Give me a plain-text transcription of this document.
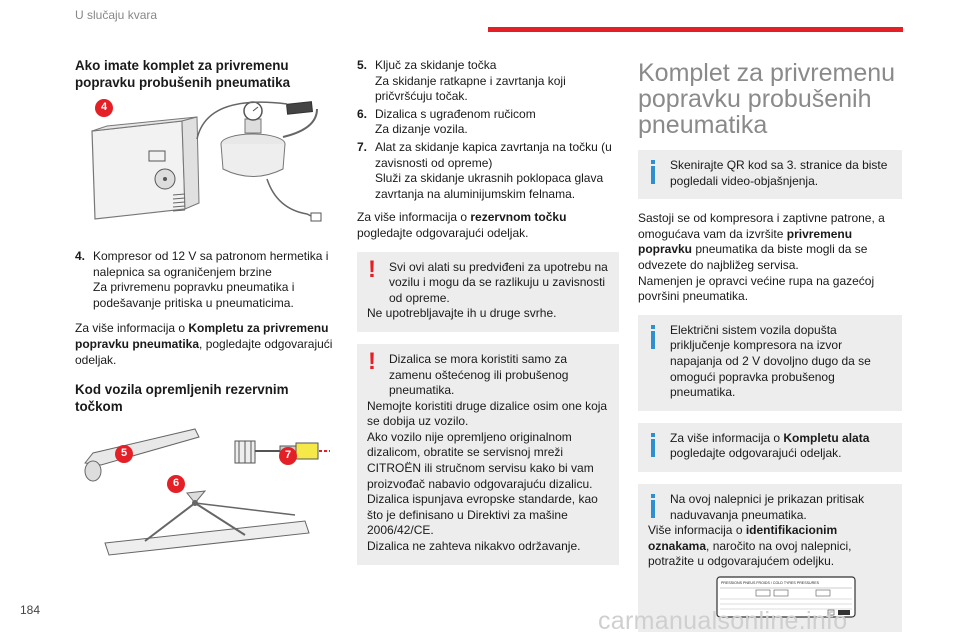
U slučaju kvara
Ako imate komplet za privremenu
popravku probušenih pneumatika
4
4. Kompresor od 12 V sa patronom hermetika i nalepnica sa ograničenjem brzine
Za privremenu popravku pneumatika i podešavanje pritiska u pneumaticima.
Za više informacija o Kompletu za privremenu popravku pneumatika, pogledajte odgovarajući odeljak.
Kod vozila opremljenih rezervnim
točkom
5
6
7
5. Ključ za skidanje točka
Za skidanje ratkapne i zavrtanja koji pričvršćuju točak.
6. Dizalica s ugrađenom ručicom
Za dizanje vozila.
7. Alat za skidanje kapica zavrtanja na točku (u zavisnosti od opreme)
Služi za skidanje ukrasnih poklopaca glava zavrtanja na aluminijumskim felnama.
Za više informacija o rezervnom točku pogledajte odgovarajući odeljak.
!	Svi ovi alati su predviđeni za upotrebu na vozilu i mogu da se razlikuju u zavisnosti od opreme.
Ne upotrebljavajte ih u druge svrhe.
!	Dizalica se mora koristiti samo za zamenu oštećenog ili probušenog pneumatika.
Nemojte koristiti druge dizalice osim one koja se dobija uz vozilo.
Ako vozilo nije opremljeno originalnom dizalicom, obratite se servisnoj mreži CITROËN ili stručnom servisu kako bi vam proizvođač nabavio odgovarajuću dizalicu.
Dizalica ispunjava evropske standarde, kao što je definisano u Direktivi za mašine 2006/42/CE.
Dizalica ne zahteva nikakvo održavanje.
Komplet za privremenu
popravku probušenih
pneumatika
Skenirajte QR kod sa 3. stranice da biste pogledali video-objašnjenja.
Sastoji se od kompresora i zaptivne patrone, a omogućava vam da izvršite privremenu popravku pneumatika da biste mogli da se odvezete do najbližeg servisa.
Namenjen je opravci većine rupa na gazećoj površini pneumatika.
Električni sistem vozila dopušta priključenje kompresora na izvor napajanja od 2 V dovoljno dugo da se omogući popravka probušenog pneumatika.
Za više informacija o Kompletu alata pogledajte odgovarajući odeljak.
Na ovoj nalepnici je prikazan pritisak naduvavanja pneumatika.
Više informacija o identifikacionim oznakama, naročito na ovoj nalepnici, potražite u odgovarajućem odeljku.
PRESSIONS PNEUS FROIDS / COLD TYRES PRESSURES
184	carmanualsonline.info
